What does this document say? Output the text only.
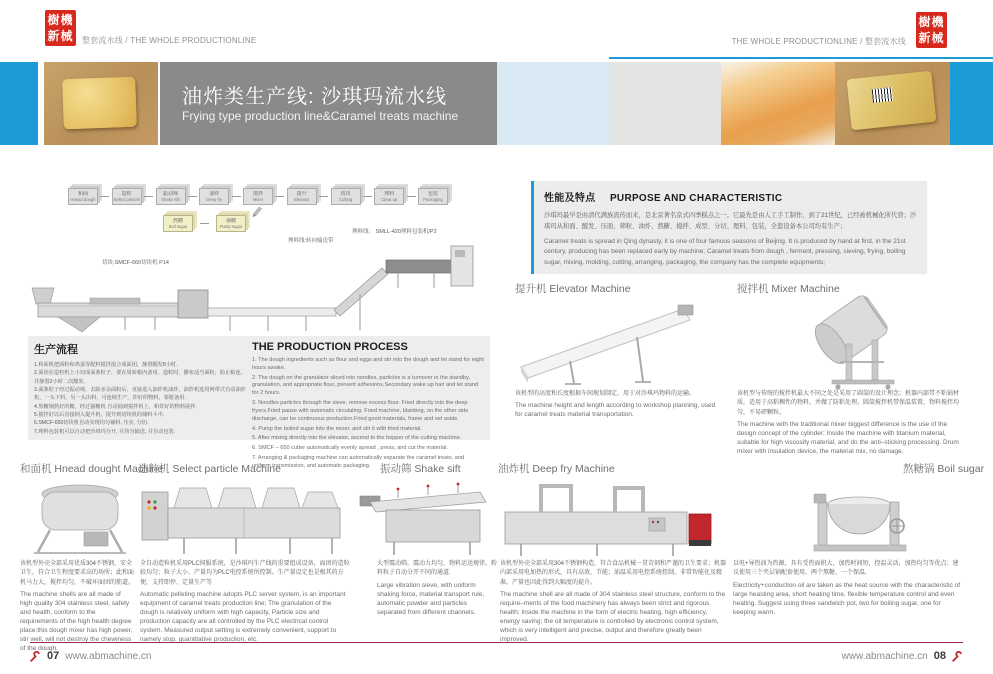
樹機新械	整套流水线 / THE WHOLE PRODUCTIONLINE	THE WHOLE PRODUCTIONLINE / 整套流水线
樹機新械
油炸类生产线: 沙琪玛流水线
Frying type production line&Caramel treats machine
和面
Hnead dough
造粒
Select particle
振动筛
Shake sift
油炸
Deep fry
搅拌
Mixer
提升
Elevator
切块
Cutting
理料
Clear up
包装
Packaging
熬糖
Boil sugar
抽糖
Pump sugar
切块:SMCF-660切块机 P14
理料线:转向输送带
理料线： SMLL-420理料包装机/P2
性能及特点 PURPOSE AND CHARACTERISTIC
沙琪玛最早是由清代满族流传而来，是北京著名京式四季糕点之一。它最先是由人工手工制作，到了21世纪，已经被机械化所代替；沙琪玛从和面、醒发、压面、筛粒、油炸、熬糖、搅拌、成型、分切、理料、包装，全套设备本公司均有生产；
Caramel treats is spread in Qing dynasty, it is one of four famous seasons of Beijing. It is produced by hand at first, in the 21st century, producing has been replaced early by machine; Caramel treats from dough , ferment, pressing, sieving, frying, boiling sugar, mixing, molding, cutting, arranging, packaging, the company has the complete equipments;
提升机 Elevator Machine
该机型的高度和长度根据车间规划制定，用于对沙琪玛物料的运输。
The machine height and length according to workshop planning, used for caramel treats material transportation.
搅拌机 Mixer Machine
该机型与传统的搅拌机最大不同之处是采用了圆筒的设计理念；机器内部带不粘锅材质，适用于高粘稠性的物料，并做了防粘处理。圆筒搅拌机带保温装置，物料搅拌均匀，不易碎颗粒。
The machine with the traditional mixer biggest difference is the use of the design concept of the cylinder; Inside the machine with titanium material, suitable for high viscosity material, and do the anti–sticking processing. Drum mixer with insulation device, the material mix, no damage.
生产流程
1.和面机把面粉和鸡蛋等配料搅拌混合成面团，静置醒发8小时.
2.面团在造粒机上小切成面条粒子，要在周转箱内备用，造粒时，撒布适当面粉，防止粘连，并静置2小时二次醒发.
3.面条粒子经过振动筛，去除多余面粉后，直接进入油炸机油炸，油炸机选用网带式自动油炸机，一头下料，另一头出料，可连续生产。炸好的物料，要框备用.
4.熬糖锅熬好的糖，经过抽糖机 自动抽到搅拌机上，和炸好的物料混拌.
5.搅拌好以后直接倒入提升机，提升到切块机的储料斗中.
6.SMCF-650切块机自动实现均匀铺料, 压实, 分切.
7.理料包装机可以自动把沙琪玛分开, 并均匀输送, 并自动包装.
THE PRODUCTION PROCESS
1. The dough ingredients such as flour and eggs and stir into the dough and let stand for eight hours awake.
2. The dough on the granulator sliced into noodles, particles is a turnover in the standby, granulation, and appropriate flour, prevent adhesions.Secondary wake up hair and let stand for 2 hours.
3. Noodles particles through the sieve, remove excess flour. Fried directly into the deep fryers.Fried pause with automatic circulating. Fried machine, blanking, on the other side discharge, can be continuous production.Fried good materials, frame and set aside.
4. Pump the boiled sugar into the mixer, and stir it with fried material.
5. After mixing directly into the elevator, ascend to the hopper of the cutting machine.
6. SMCF – 650 cutter automatically evenly spread , press, and cut the material.
7. Arranging & packaging machine can automatically separate the caramel treats, and uniform transmission, and automatic packaging.
和面机 Hnead dought Machine
造粒机 Select particle Machine	振动筛 Shake sift	油炸机 Deep fry Machine	熬糖锅 Boil sugar
该机型外壳全部采用优质304不锈钢，安全卫生，符合卫生程度要求高的场所；此和面机马力大，搅拌均匀，不破坏面团的筋道。
The machine shells are all made of high quality 304 stainless steel, safety and health, conform to the requirements of the high health degree place;this dough mixer has high power, stir well, will not destroy the chewiness of the dough.
全自动造粒机采用PLC伺服系统，是沙琪玛生产线的重要组成设备，面团的造粒较均匀；粒子大小、产量均为PLC电控系统所控制。生产量设定也是极其的方便，支持即停、定量生产等
Automatic pelleting machine adopts PLC server system, is an important equipment of caramel treats production line; The granulation of the dough is relatively uniform with high capacity, Particle size and production capacity are all controlled by the PLC electrical control system. Measured output setting is extremely convenient, support to namely stop, quantitative production, etc.
大型震动筛，震动力均匀，物料运送规律，粉料粒子自动分开不同的通道.
Large vibration sieve, with uniform shaking force, material transport rule, automatic powder and particles separated from different channels.
该机型外壳全部采用304不锈钢构造，符合食品机械一贯苛刻和严谨的卫生要求；机器内部采用电加热的形式，具有高效、节能；油温采用电控系统控制，非常智能化及精准，产量也因此得到大幅度的提升。
The machine shell are all made of 304 stainless steel structure, conform to the require–ments of the food machinery has always been strict and rigorous health; Inside the machine in the form of electric heating, high efficiency, energy saving; the oil temperature is controlled by electronic control system, which is very intelligent and precise, output and therefore greatly been improved.
以电+导热油为热源，具有受热面积大，加热时间短，控温灵活，加热均匀等优点；建议使用三个夹层锅配套使用，两个熬糖、一个保温.
Electricity+conduction oil are taken as the heat source with the characteristic of large heasting area, short heating time, flexible temperature control and even heating. Suggest using three sandwich pot, two for boiling sugar, one for keeping warm.
07 www.abmachine.cn	www.abmachine.cn 08
